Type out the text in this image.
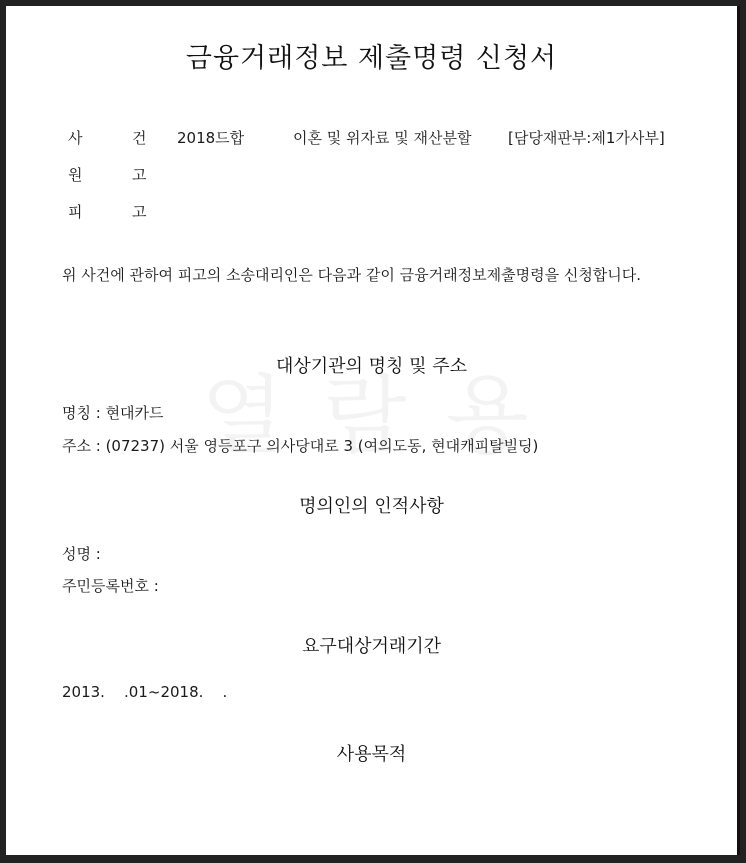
금융거래정보 제출명령 신청서
사	건 2018드합	이혼 및 위자료 및 재산분할 [담당재판부:제1가사부]
원	고
피	고
위 사건에 관하여 피고의 소송대리인은 다음과 같이 금융거래정보제출명령을 신청합니다.
대상기관의 명칭 및 주소
명칭 : 현대카드
주소 : (07237) 서울 영등포구 의사당대로 3 (여의도동, 현대캐피탈빌딩)
명의인의 인적사항
성명 :
주민등록번호 :
요구대상거래기간
2013.    .01~2018.    .
사용목적
